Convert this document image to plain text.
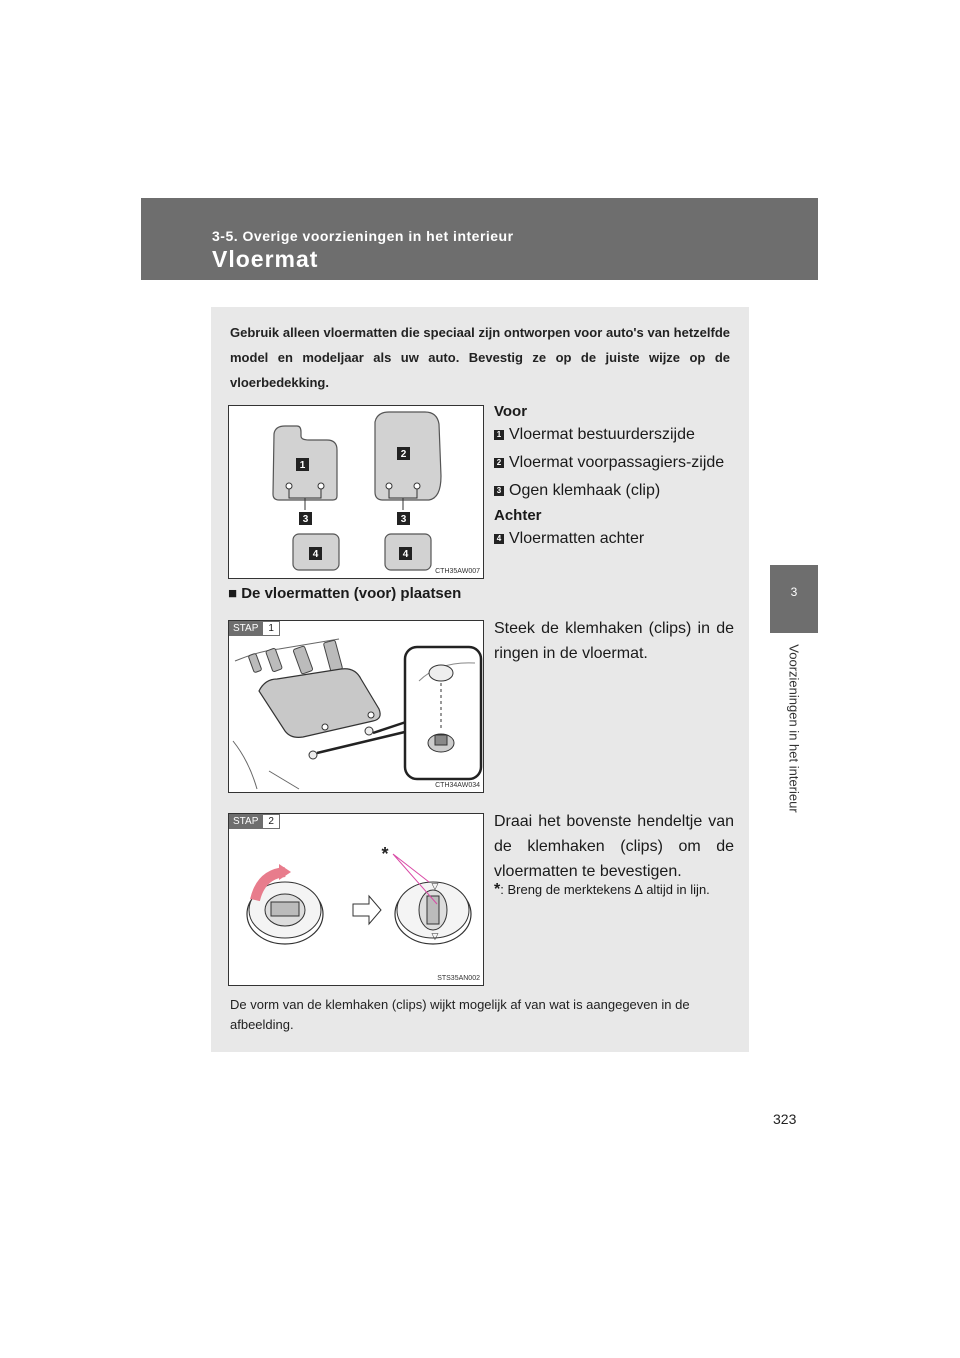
3-5. Overige voorzieningen in het interieur
Vloermat
3
Voorzieningen in het interieur
Gebruik alleen vloermatten die speciaal zijn ontworpen voor auto's van hetzelfde model en modeljaar als uw auto. Bevestig ze op de juiste wijze op de vloerbedekking.
1
2
3	3
4	4
CTH35AW007
Voor
1 Vloermat bestuurderszijde
2 Vloermat voorpassagiers-zijde
3 Ogen klemhaak (clip)
Achter
4 Vloermatten achter
■ De vloermatten (voor) plaatsen
STAP	1
CTH34AW034
Steek de klemhaken (clips) in de ringen in de vloermat.
STAP	2
▽
▽
*
STS35AN002
Draai het bovenste hendeltje van de klemhaken (clips) om de vloermatten te bevestigen.
*: Breng de merktekens ∆ altijd in lijn.
De vorm van de klemhaken (clips) wijkt mogelijk af van wat is aangegeven in de afbeelding.
323
